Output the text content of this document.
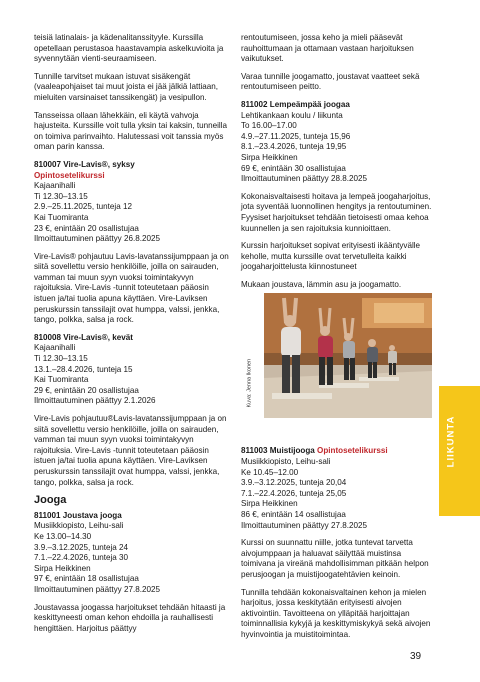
teisiä latinalais- ja kädenalitanssityyle. Kurssilla opetellaan perustasoa haastavampia askelkuvioita ja syvennytään vienti-seuraamiseen.

Tunnille tarvitset mukaan istuvat sisäkengät (vaaleapohjaiset tai muut joista ei jää jälkiä lattiaan, mieluiten varsinaiset tanssikengät) ja vesipullon.

Tansseissa ollaan lähekkäin, eli käytä vahvoja hajusteita. Kurssille voit tulla yksin tai kaksin, tunneilla on toimiva parinvaihto. Halutessasi voit tanssia myös oman parin kanssa.

810007 Vire-Lavis®, syksy
Opintosetelikurssi
Kajaanihalli
Ti 12.30–13.15
2.9.–25.11.2025, tunteja 12
Kai Tuomiranta
23 €, enintään 20 osallistujaa
Ilmoittautuminen päättyy 26.8.2025

Vire-Lavis® pohjautuu Lavis-lavatanssijumppaan ja on siitä sovellettu versio henkilöille, joilla on sairauden, vamman tai muun syyn vuoksi toimintakyvyn rajoituksia. Vire-Lavis -tunnit toteutetaan pääosin istuen ja/tai tuolia apuna käyttäen. Vire-Laviksen peruskurssin tanssilajit ovat humppa, valssi, jenkka, tango, polkka, salsa ja rock.

810008 Vire-Lavis®, kevät
Kajaanihalli
Ti 12.30–13.15
13.1.–28.4.2026, tunteja 15
Kai Tuomiranta
29 €, enintään 20 osallistujaa
Ilmoittautuminen päättyy 2.1.2026

Vire-Lavis pohjautuu®Lavis-lavatanssijumppaan ja on siitä sovellettu versio henkilöille, joilla on sairauden, vamman tai muun syyn vuoksi toimintakyvyn rajoituksia. Vire-Lavis -tunnit toteutetaan pääosin istuen ja/tai tuolia apuna käyttäen. Vire-Laviksen peruskurssin tanssilajit ovat humppa, valssi, jenkka, tango, polkka, salsa ja rock.

Jooga
811001 Joustava jooga
Musiikkiopisto, Leihu-sali
Ke 13.00–14.30
3.9.–3.12.2025, tunteja 24
7.1.–22.4.2026, tunteja 30
Sirpa Heikkinen
97 €, enintään 18 osallistujaa
Ilmoittautuminen päättyy 27.8.2025

Joustavassa joogassa harjoitukset tehdään hitaasti ja keskittyneesti oman kehon ehdoilla ja rauhallisesti hengittäen. Harjoitus päättyy

rentoutumiseen, jossa keho ja mieli pääsevät rauhoittumaan ja ottamaan vastaan harjoituksen vaikutukset.

Varaa tunnille joogamatto, joustavat vaatteet sekä rentoutumiseen peitto.

811002 Lempeämpää joogaa
Lehtikankaan koulu / liikunta
To 16.00–17.00
4.9.–27.11.2025, tunteja 15,96
8.1.–23.4.2026, tunteja 19,95
Sirpa Heikkinen
69 €, enintään 30 osallistujaa
Ilmoittautuminen päättyy 28.8.2025

Kokonaisvaltaisesti hoitava ja lempeä joogaharjoitus, jota syventää luonnollinen hengitys ja rentoutuminen. Fyysiset harjoitukset tehdään tietoisesti omaa kehoa kuunnellen ja sen rajoituksia kunnioittaen.

Kurssin harjoitukset sopivat erityisesti ikääntyvälle keholle, mutta kurssille ovat tervetulleita kaikki joogaharjoittelusta kiinnostuneet

Mukaan joustava, lämmin asu ja joogamatto.

811003 Muistijooga Opintosetelikurssi
Musiikkiopisto, Leihu-sali
Ke 10.45–12.00
3.9.–3.12.2025, tunteja 20,04
7.1.–22.4.2026, tunteja 25,05
Sirpa Heikkinen
86 €, enintään 14 osallistujaa
Ilmoittautuminen päättyy 27.8.2025

Kurssi on suunnattu niille, jotka tuntevat tarvetta aivojumppaan ja haluavat säilyttää muistinsa toimivana ja vireänä mahdollisimman pitkään helpon perusjoogan ja muistijoogatehtävien keinoin.

Tunnilla tehdään kokonaisvaltainen kehon ja mielen harjoitus, jossa keskitytään erityisesti aivojen aktivointiin. Tavoitteena on ylläpitää harjoittajan toiminnallisia kykyjä ja keskittymiskykyä sekä aivojen hyvinvointia ja muistitoimintaa.

Kuva: Jenna Ikonen
LIIKUNTA
39
